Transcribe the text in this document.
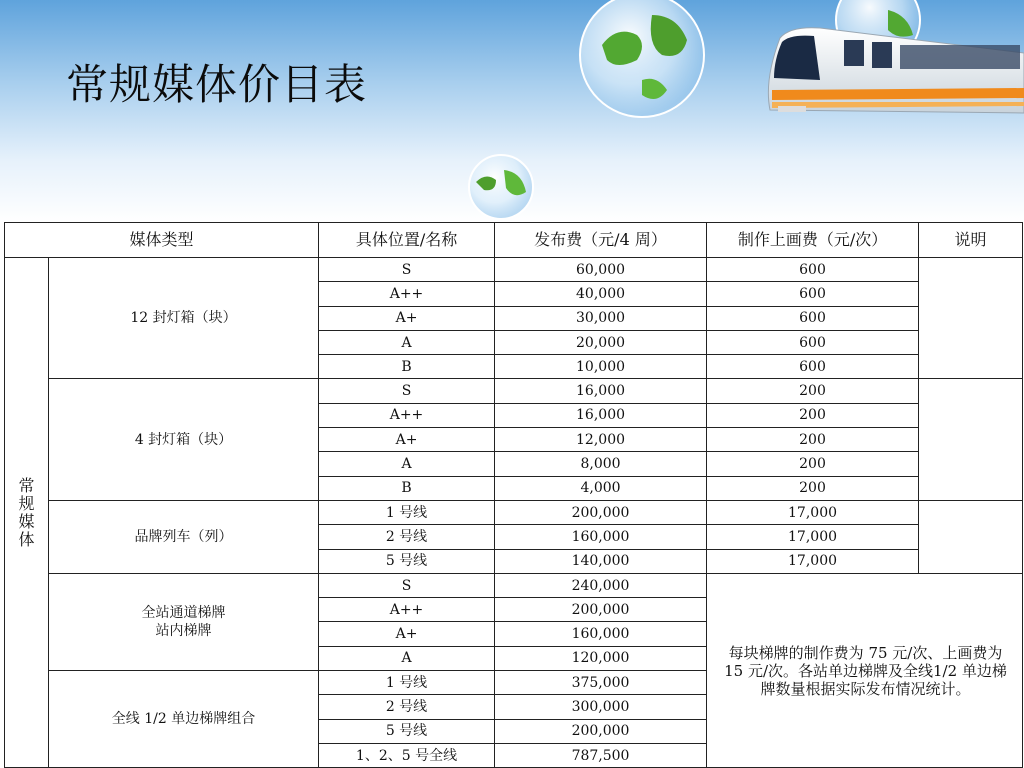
常规媒体价目表
媒体类型		具体位置/名称	发布费（元/4 周）	制作上画费（元/次）	说明
常
规
媒
体	12 封灯箱（块）	S	60,000	600	
		A++	40,000	600	
		A+	30,000	600	
		A	20,000	600	
		B	10,000	600	
	4 封灯箱（块）	S	16,000	200	
		A++	16,000	200	
		A+	12,000	200	
		A	8,000	200	
		B	4,000	200	
	品牌列车（列）	1 号线	200,000	17,000	
		2 号线	160,000	17,000	
		5 号线	140,000	17,000	
	全站通道梯牌
站内梯牌	S	240,000	每块梯牌的制作费为 75 元/次、上画费为 15 元/次。各站单边梯牌及全线1/2 单边梯牌数量根据实际发布情况统计。	
		A++	200,000		
		A+	160,000		
		A	120,000		
	全线 1/2 单边梯牌组合	1 号线	375,000		
		2 号线	300,000		
		5 号线	200,000		
		1、2、5 号全线	787,500		
